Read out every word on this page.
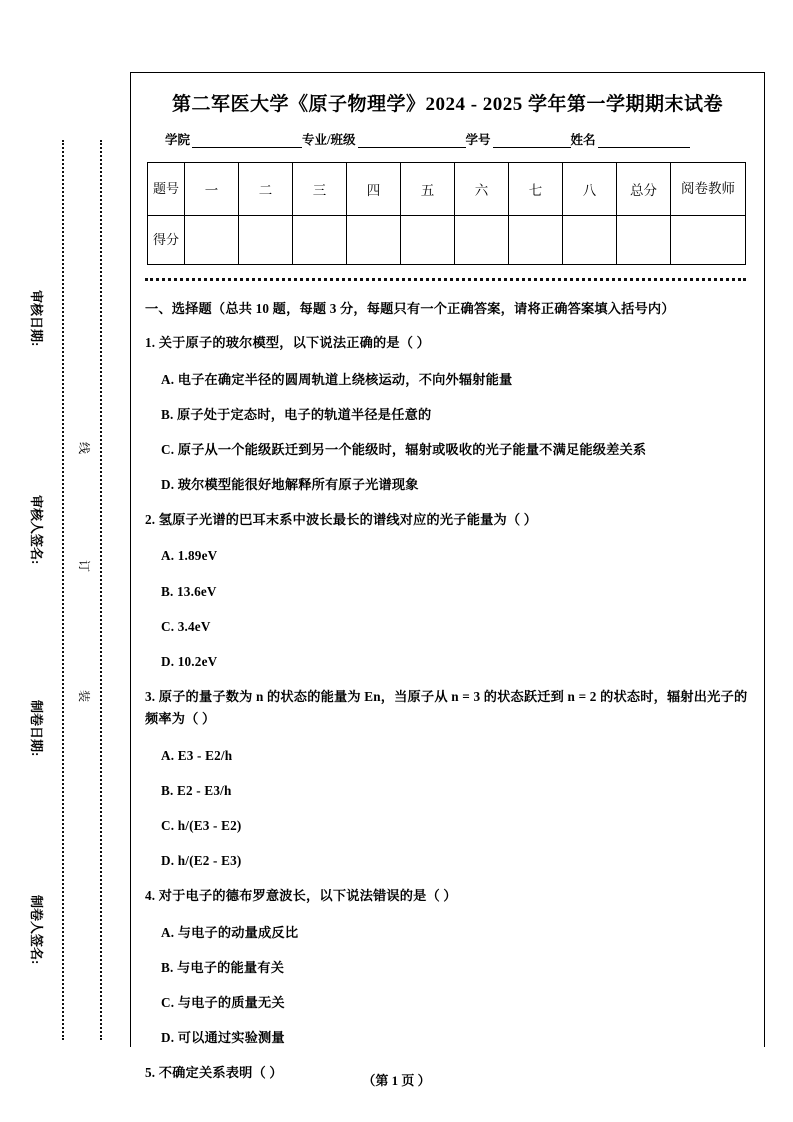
审核日期:
审核人签名:
制卷日期:
制卷人签名:
线
订
装
第二军医大学《原子物理学》2024 - 2025 学年第一学期期末试卷
学院	专业/班级	学号	姓名
题号	一	二	三	四	五	六	七	八	总分	阅卷教师
得分										
一、选择题（总共 10 题，每题 3 分，每题只有一个正确答案，请将正确答案填入括号内）
1. 关于原子的玻尔模型，以下说法正确的是（ ）
A. 电子在确定半径的圆周轨道上绕核运动，不向外辐射能量
B. 原子处于定态时，电子的轨道半径是任意的
C. 原子从一个能级跃迁到另一个能级时，辐射或吸收的光子能量不满足能级差关系
D. 玻尔模型能很好地解释所有原子光谱现象
2. 氢原子光谱的巴耳末系中波长最长的谱线对应的光子能量为（ ）
A. 1.89eV
B. 13.6eV
C. 3.4eV
D. 10.2eV
3. 原子的量子数为 n 的状态的能量为 En，当原子从 n = 3 的状态跃迁到 n = 2 的状态时，辐射出光子的频率为（ ）
A. E3 - E2/h
B. E2 - E3/h
C. h/(E3 - E2)
D. h/(E2 - E3)
4. 对于电子的德布罗意波长，以下说法错误的是（ ）
A. 与电子的动量成反比
B. 与电子的能量有关
C. 与电子的质量无关
D. 可以通过实验测量
5. 不确定关系表明（ ）
（第 1 页 ）
